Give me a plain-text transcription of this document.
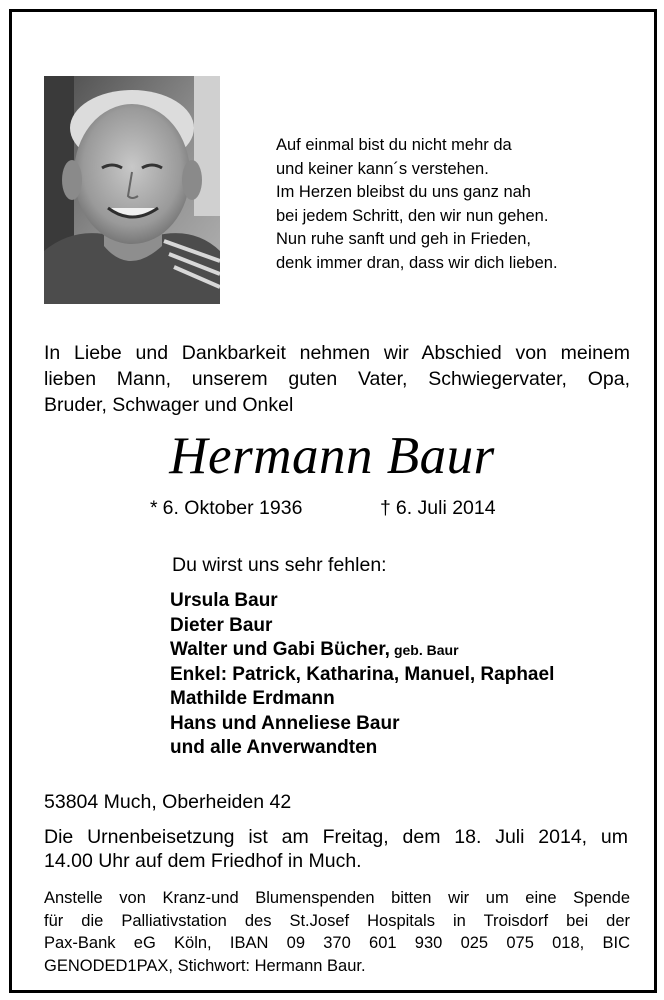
Auf einmal bist du nicht mehr da
und keiner kann´s verstehen.
Im Herzen bleibst du uns ganz nah
bei jedem Schritt, den wir nun gehen.
Nun ruhe sanft und geh in Frieden,
denk immer dran, dass wir dich lieben.
In Liebe und Dankbarkeit nehmen wir Abschied von meinem
lieben Mann, unserem guten Vater, Schwiegervater, Opa,
Bruder, Schwager und Onkel
Hermann Baur
* 6. Oktober 1936	† 6. Juli 2014
Du wirst uns sehr fehlen:
Ursula Baur
Dieter Baur
Walter und Gabi Bücher, geb. Baur
Enkel: Patrick, Katharina, Manuel, Raphael
Mathilde Erdmann
Hans und Anneliese Baur
und alle Anverwandten
53804 Much, Oberheiden 42
Die Urnenbeisetzung ist am Freitag, dem 18. Juli 2014, um
14.00 Uhr auf dem Friedhof in Much.
Anstelle von Kranz-und Blumenspenden bitten wir um eine Spende
für die Palliativstation des St.Josef Hospitals in Troisdorf bei der
Pax-Bank eG Köln, IBAN 09 370 601 930 025 075 018, BIC
GENODED1PAX, Stichwort: Hermann Baur.
